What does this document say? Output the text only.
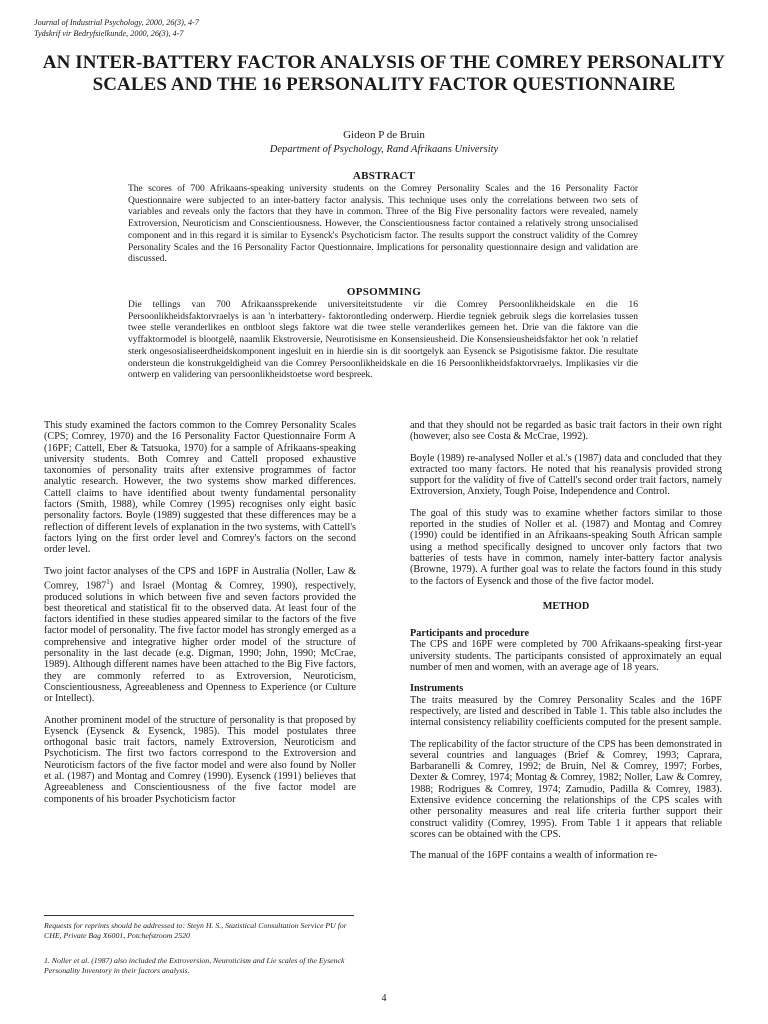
Journal of Industrial Psychology, 2000, 26(3), 4-7
Tydskrif vir Bedryfsielkunde, 2000, 26(3), 4-7
AN INTER-BATTERY FACTOR ANALYSIS OF THE COMREY PERSONALITY SCALES AND THE 16 PERSONALITY FACTOR QUESTIONNAIRE
Gideon P de Bruin
Department of Psychology, Rand Afrikaans University
ABSTRACT
The scores of 700 Afrikaans-speaking university students on the Comrey Personality Scales and the 16 Personality Factor Questionnaire were subjected to an inter-battery factor analysis. This technique uses only the correlations between two sets of variables and reveals only the factors that they have in common. Three of the Big Five personality factors were revealed, namely Extroversion, Neuroticism and Conscientiousness. However, the Conscientiousness factor contained a relatively strong unsocialised component and in this regard it is similar to Eysenck's Psychoticism factor. The results support the construct validity of the Comrey Personality Scales and the 16 Personality Factor Questionnaire. Implications for personality questionnaire design and validation are discussed.
OPSOMMING
Die tellings van 700 Afrikaanssprekende universiteitstudente vir die Comrey Persoonlikheidskale en die 16 Persoonlikheidsfaktorvraelys is aan 'n interbattery- faktorontleding onderwerp. Hierdie tegniek gebruik slegs die korrelasies tussen twee stelle veranderlikes en ontbloot slegs faktore wat die twee stelle veranderlikes gemeen het. Drie van die faktore van die vyffaktormodel is blootgelê, naamlik Ekstroversie, Neurotisisme en Konsensieusheid. Die Konsensieusheidsfaktor het ook 'n relatief sterk ongesosialiseerdheidskomponent ingesluit en in hierdie sin is dit soortgelyk aan Eysenck se Psigotisisme faktor. Die resultate ondersteun die konstrukgeldigheid van die Comrey Persoonlikheidskale en die 16 Persoonlikheidsfaktorvraelys. Implikasies vir die ontwerp en validering van persoonlikheidstoetse word bespreek.

This study examined the factors common to the Comrey Personality Scales (CPS; Comrey, 1970) and the 16 Personality Factor Questionnaire Form A (16PF; Cattell, Eber & Tatsuoka, 1970) for a sample of Afrikaans-speaking university students. Both Comrey and Cattell proposed exhaustive taxonomies of personality traits after extensive programmes of factor analytic research. However, the two systems show marked differences. Cattell claims to have identified about twenty fundamental personality factors (Smith, 1988), while Comrey (1995) recognises only eight basic personality factors. Boyle (1989) suggested that these differences may be a reflection of different levels of explanation in the two systems, with Cattell's factors lying on the first order level and Comrey's factors on the second order level.

Two joint factor analyses of the CPS and 16PF in Australia (Noller, Law & Comrey, 1987$^1$) and Israel (Montag & Comrey, 1990), respectively, produced solutions in which between five and seven factors provided the best theoretical and statistical fit to the observed data. At least four of the factors identified in these studies appeared similar to the factors of the five factor model of personality. The five factor model has strongly emerged as a comprehensive and integrative higher order model of the structure of personality in the last decade (e.g. Digman, 1990; John, 1990; McCrae, 1989). Although different names have been attached to the Big Five factors, they are commonly referred to as Extroversion, Neuroticism, Conscientiousness, Agreeableness and Openness to Experience (or Culture or Intellect).

Another prominent model of the structure of personality is that proposed by Eysenck (Eysenck & Eysenck, 1985). This model postulates three orthogonal basic trait factors, namely Extroversion, Neuroticism and Psychoticism. The first two factors correspond to the Extroversion and Neuroticism factors of the five factor model and were also found by Noller et al. (1987) and Montag and Comrey (1990). Eysenck (1991) believes that Agreeableness and Conscientiousness of the five factor model are components of his broader Psychoticism factor

Requests for reprints should be addressed to: Steyn H. S., Statistical Consultation Service PU for CHE, Private Bag X6001, Potchefstroom 2520
1. Noller et al. (1987) also included the Extroversion, Neuroticism and Lie scales of the Eysenck Personality Inventory in their factors analysis.

and that they should not be regarded as basic trait factors in their own right (however, also see Costa & McCrae, 1992).

Boyle (1989) re-analysed Noller et al.'s (1987) data and concluded that they extracted too many factors. He noted that his reanalysis provided strong support for the validity of five of Cattell's second order trait factors, namely Extroversion, Anxiety, Tough Poise, Independence and Control.

The goal of this study was to examine whether factors similar to those reported in the studies of Noller et al. (1987) and Montag and Comrey (1990) could be identified in an Afrikaans-speaking South African sample using a method specifically designed to uncover only factors that two batteries of tests have in common, namely inter-battery factor analysis (Browne, 1979). A further goal was to relate the factors found in this study to the factors of Eysenck and those of the five factor model.

METHOD
Participants and procedure

The CPS and 16PF were completed by 700 Afrikaans-speaking first-year university students. The participants consisted of approximately an equal number of men and women, with an average age of 18 years.

Instruments

The traits measured by the Comrey Personality Scales and the 16PF respectively, are listed and described in Table 1. This table also includes the internal consistency reliability coefficients computed for the present sample.

The replicability of the factor structure of the CPS has been demonstrated in several countries and languages (Brief & Comrey, 1993; Caprara, Barbaranelli & Comrey, 1992; de Bruin, Nel & Comrey, 1997; Forbes, Dexter & Comrey, 1974; Montag & Comrey, 1982; Noller, Law & Comrey, 1988; Rodrigues & Comrey, 1974; Zamudio, Padilla & Comrey, 1983). Extensive evidence concerning the relationships of the CPS scales with other personality measures and real life criteria further support their construct validity (Comrey, 1995). From Table 1 it appears that reliable scores can be obtained with the CPS.

The manual of the 16PF contains a wealth of information re-

4
